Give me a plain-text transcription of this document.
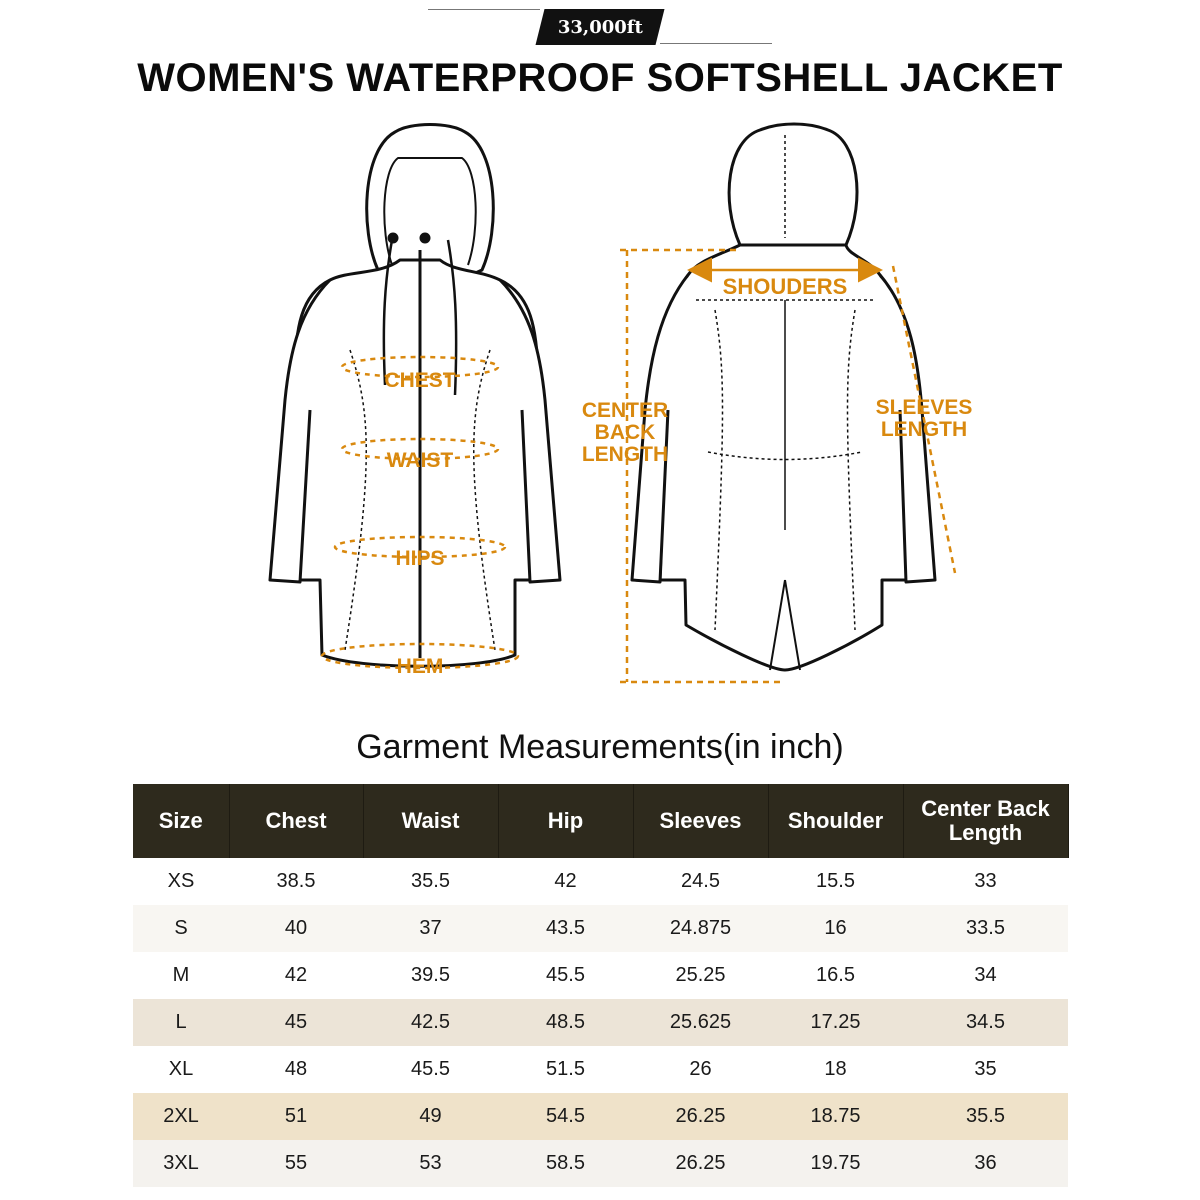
33,000ft
WOMEN'S WATERPROOF SOFTSHELL JACKET
CHEST
WAIST
HIPS
HEM
SHOUDERS
CENTER
BACK
LENGTH
SLEEVES
LENGTH
Garment Measurements(in inch)
Size	Chest	Waist	Hip	Sleeves	Shoulder	Center Back Length
XS	38.5	35.5	42	24.5	15.5	33
S	40	37	43.5	24.875	16	33.5
M	42	39.5	45.5	25.25	16.5	34
L	45	42.5	48.5	25.625	17.25	34.5
XL	48	45.5	51.5	26	18	35
2XL	51	49	54.5	26.25	18.75	35.5
3XL	55	53	58.5	26.25	19.75	36
